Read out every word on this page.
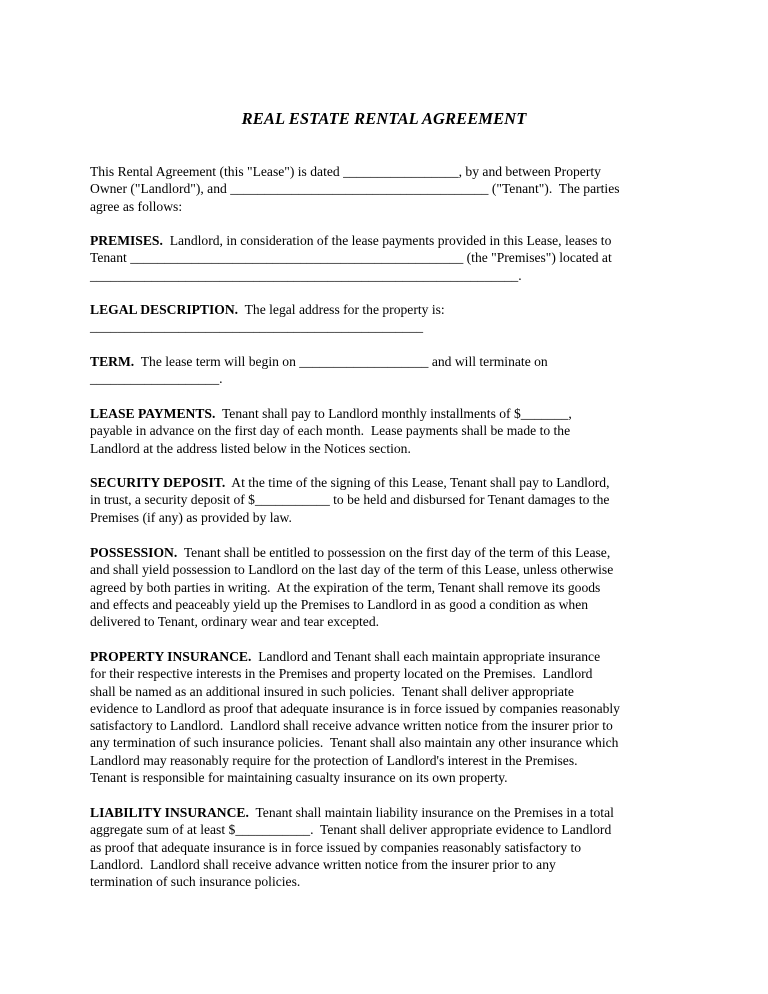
REAL ESTATE RENTAL AGREEMENT
This Rental Agreement (this "Lease") is dated _________________, by and between Property
Owner ("Landlord"), and ______________________________________ ("Tenant").  The parties
agree as follows:
PREMISES.  Landlord, in consideration of the lease payments provided in this Lease, leases to
Tenant _________________________________________________ (the "Premises") located at
_______________________________________________________________.
LEGAL DESCRIPTION.  The legal address for the property is:
_________________________________________________
TERM.  The lease term will begin on ___________________ and will terminate on
___________________.
LEASE PAYMENTS.  Tenant shall pay to Landlord monthly installments of $_______,
payable in advance on the first day of each month.  Lease payments shall be made to the
Landlord at the address listed below in the Notices section.
SECURITY DEPOSIT.  At the time of the signing of this Lease, Tenant shall pay to Landlord,
in trust, a security deposit of $___________ to be held and disbursed for Tenant damages to the
Premises (if any) as provided by law.
POSSESSION.  Tenant shall be entitled to possession on the first day of the term of this Lease,
and shall yield possession to Landlord on the last day of the term of this Lease, unless otherwise
agreed by both parties in writing.  At the expiration of the term, Tenant shall remove its goods
and effects and peaceably yield up the Premises to Landlord in as good a condition as when
delivered to Tenant, ordinary wear and tear excepted.
PROPERTY INSURANCE.  Landlord and Tenant shall each maintain appropriate insurance
for their respective interests in the Premises and property located on the Premises.  Landlord
shall be named as an additional insured in such policies.  Tenant shall deliver appropriate
evidence to Landlord as proof that adequate insurance is in force issued by companies reasonably
satisfactory to Landlord.  Landlord shall receive advance written notice from the insurer prior to
any termination of such insurance policies.  Tenant shall also maintain any other insurance which
Landlord may reasonably require for the protection of Landlord's interest in the Premises.
Tenant is responsible for maintaining casualty insurance on its own property.
LIABILITY INSURANCE.  Tenant shall maintain liability insurance on the Premises in a total
aggregate sum of at least $___________.  Tenant shall deliver appropriate evidence to Landlord
as proof that adequate insurance is in force issued by companies reasonably satisfactory to
Landlord.  Landlord shall receive advance written notice from the insurer prior to any
termination of such insurance policies.
